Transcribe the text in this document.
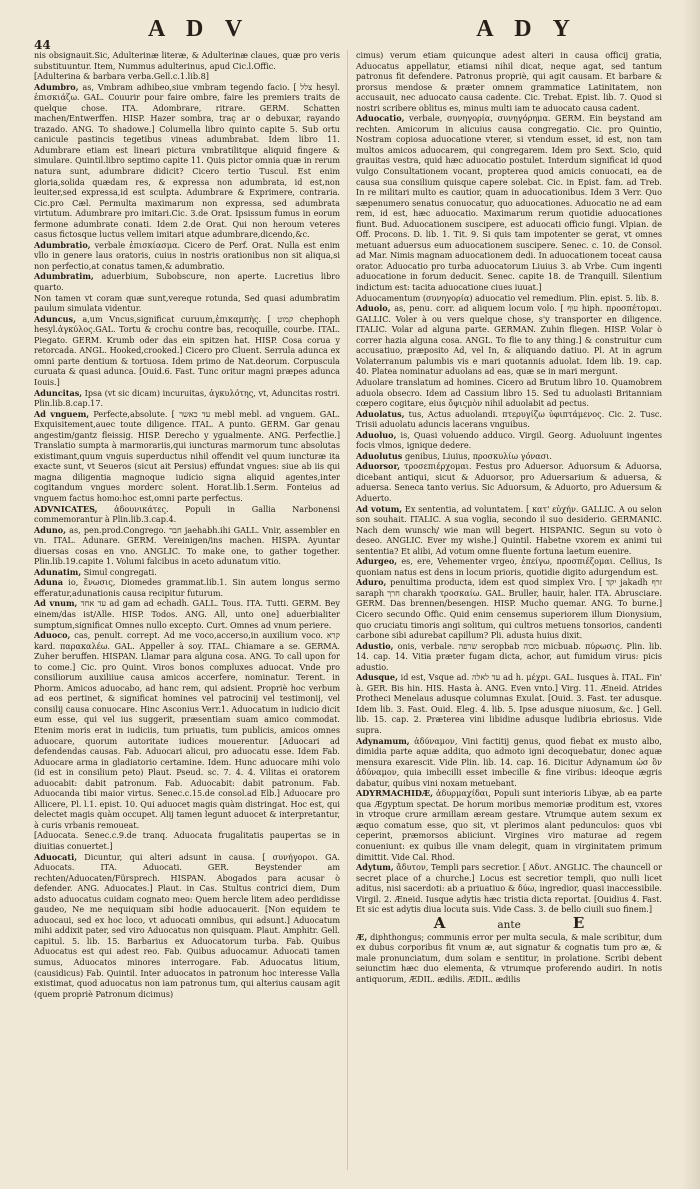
44
A D V	A D Y

nis obsignauit.Sic, Adulterinæ literæ, & Adulterinæ claues, quæ pro veris substituuntur. Item, Nummus adulterinus, apud Cic.l.Offic.

[Adulterina & barbara verba.Gell.c.1.lib.8]

Adumbro, as, Vmbram adhibeo,siue vmbram tegendo facio. [ צלל hesyl. ἐπισκιάζω. GAL. Couurir pour faire ombre, faire les premiers traits de quelque chose. ITA. Adombrare, ritrare. GERM. Schatten machen/Entwerffen. HISP. Hazer sombra, traç ar o debuxar, rayando trazado. ANG. To shadowe.] Columella libro quinto capite 5. Sub ortu canicule pastincis tegetibus vineas adumbrabat. Idem libro 11. Adumbrare etiam est lineari pictura vmbratilitque aliquid fingere & simulare. Quintil.libro septimo capite 11. Quis pictor omnia quæ in rerum natura sunt, adumbrare didicit? Cicero tertio Tuscul. Est enim gloria,solida quædam res, & expressa non adumbrata, id est,non leuiter,sed expressa,id est sculpta. Adumbrare & Exprimere, contraria. Cic.pro Cæl. Permulta maximarum non expressa, sed adumbrata virtutum. Adumbrare pro imitari.Cic. 3.de Orat. Ipsissum fumus in eorum fermone adumbrate conati. Idem 2.de Orat. Qui non heroum veteres casus fictosque luctus vellem imitari atque adumbrare,dicendo,&c.

Adumbratio, verbale ἐπισκίασμα. Cicero de Perf. Orat. Nulla est enim vllo in genere laus oratoris, cuius in nostris orationibus non sit aliqua,si non perfectio,at conatus tamen,& adumbratio.

Adumbratim, aduerbium, Subobscure, non aperte. Lucretius libro quarto.

Non tamen vt coram quæ sunt,vereque rotunda, Sed quasi adumbratim paulum simulata videntur.

Aduncus, a,um Vncus,significat curuum,ἐπικαμπὴς. [ קמוט chephoph hesyl.ἀγκύλος.GAL. Tortu & crochu contre bas, recoquille, courbe. ITAL. Piegato. GERM. Krumb oder das ein spitzen hat. HISP. Cosa corua y retorcada. ANGL. Hooked,crooked.] Cicero pro Cluent. Serrula adunca ex omni parte dentium & tortuosa. Idem primo de Nat.deorum. Corpuscula curuata & quasi adunca. [Ouid.6. Fast. Tunc oritur magni præpes adunca Iouis.]

Aduncitas, Ipsa (vt sic dicam) incuruitas, ἀγκυλότης, vt, Aduncitas rostri. Plin.lib.8.cap.17.

Ad vnguem, Perfecte,absolute. [ עד כאשר mebl mebl. ad vnguem. GAL. Exquisitement,auec toute diligence. ITAL. A punto. GERM. Gar genau angestim/gantz fleissig. HISP. Derecho y ygualmente. ANG. Perfectlie.] Translatio sumpta à marmorariis,qui iuncturas marmorum tunc absolutas existimant,quum vnguis superductus nihil offendit vel quum iuncturæ ita exacte sunt, vt Seueros (sicut ait Persius) effundat vngues: siue ab iis qui magna diligentia magnoque iudicio signa aliquid agentes,inter cogitandum vngues morderc solent. Horat.lib.1.Serm. Fonteius ad vnguem factus homo:hoc est,omni parte perfectus.

ADVNICATES, ἀδουνικάτες. Populi in Gallia Narbonensi commemorantur à Plin.lib.3.cap.4.

Aduno, as, pen.prod.Congrego. חבר jaehabh.ihi GALL. Vnir, assembler en vn. ITAL. Adunare. GERM. Vereinigen/ins machen. HISPA. Ayuntar diuersas cosas en vno. ANGLIC. To make one, to gather together. Plin.lib.19.capite 1. Volumi falcibus in aceto adunatum vitio.

Adunatim, Simul congregati.

Aduna io, ἕνωσις, Diomedes grammat.lib.1. Sin autem longus sermo efferatur,adunationis causa recipitur futurum.

Ad vnum, עד אחד ad gam ad echadh. GALL. Tous. ITA. Tutti. GERM. Bey einem/das ist/Alle. HISP. Todos. ANG. All, unto one] aduerbialiter sumptum,significat Omnes nullo excepto. Curt. Omnes ad vnum periere.

Aduoco, cas, penult. corrept. Ad me voco,accerso,in auxilium voco. קרא kard. παρακαλέω. GAL. Appeller à soy. ITAL. Chiamare a se. GERMA. Zuher beruffen. HISPAN. Llamar para alguna cosa. ANG. To call upon for to come.] Cic. pro Quint. Viros bonos compluxes aduocat. Vnde pro consiliorum auxiliiue causa amicos accerfere, nominatur. Terent. in Phorm. Amicos aduocabo, ad hanc rem, qui adsient. Propriè hoc verbum ad eos pertinet, & significat homines vel patrocinij vel testimonij, vel consilij causa conuocare. Hinc Asconius Verr.1. Aduocatum in iudicio dicit eum esse, qui vel ius suggerit, præsentiam suam amico commodat. Etenim moris erat in iudiciis, tum priuatis, tum publicis, amicos omnes aduocare, quorum autoritate iudices mouerentur. [Aduocari ad defendendas causas. Fab. Aduocari alicui, pro aduocatu esse. Idem Fab. Aduocare arma in gladiatorio certamine. Idem. Hunc aduocare mihi volo (id est in consilium peto) Plaut. Pseud. sc. 7. 4. 4. Vilitas ei oratorem aduocabit: dabit patronum. Fab. Aduocabit: dabit patronum. Fab. Aduocanda tibi maior virtus. Senec.c.15.de consol.ad Elb.] Aduocare pro Allicere, Pl. l.1. epist. 10. Qui aduocet magis quàm distringat. Hoc est, qui delectet magis quàm occupet. Alij tamen legunt aduocet & interpretantur, à curis vrbanis remoueat.

[Aduocata. Senec.c.9.de tranq. Aduocata frugalitatis paupertas se in diuitias conuertet.]

Aduocati, Dicuntur, qui alteri adsunt in causa. [ συνήγοροι. GA. Aduocats. ITA. Aduocati. GER. Beystender am rechten/Aduocaten/Fürsprech. HISPAN. Abogados para acusar ò defender. ANG. Aduocates.] Plaut. in Cas. Stultus contrici diem, Dum adsto aduocatus cuidam cognato meo: Quem hercle litem adeo perdidisse gaudeo, Ne me nequiquam sibi hodie aduocauerit. [Non equidem te aduocaui, sed ex hoc loco, vt aduocati omnibus, qui adsunt.] Aduocatum mihi addixit pater, sed viro Aduocatus non quisquam. Plaut. Amphitr. Gell. capitul. 5. lib. 15. Barbarius ex Aduocatorum turba. Fab. Quibus Aduocatus est qui adest reo. Fab. Quibus aduocamur. Aduocati tamen sumus, Aduocatos minores interrogare. Fab. Aduocatus litium, (causidicus) Fab. Quintil. Inter aduocatos in patronum hoc interesse Valla existimat, quod aduocatus non iam patronus tum, qui alterius causam agit (quem propriè Patronum dicimus)

cimus) verum etiam quicunque adest alteri in causa officij gratia, Aduocatus appellatur, etiamsi nihil dicat, neque agat, sed tantum patronus fit defendere. Patronus propriè, qui agit causam. Et barbare & prorsus mendose & præter omnem grammatice Latinitatem, non accusauit, nec aduocato causa cadente. Cic. Trebat. Epist. lib. 7. Quod si nostri scribere oblitus es, minus multi iam te aduocato causa cadent.

Aduocatio, verbale, συνηγορία, συνηγόρημα. GERM. Ein beystand am rechten. Amicorum in alicuius causa congregatio. Cic. pro Quintio, Nostram copiosa aduocatione vterer, si vtendum esset, id est, non tam multos amicos aduocarem, qui congregarem. Idem pro Sext. Scio, quid grauitas vestra, quid hæc aduocatio postulet. Interdum significat id quod vulgo Consultationem vocant, propterea quod amicis conuocati, ea de causa sua consilium quisque capere solebat. Cic. in Epist. fam. ad Treb. In re militari multo es cautior, quam in aduocationibus. Idem 3 Verr. Quo sæpenumero senatus conuocatur, quo aduocationes. Aduocatio ne ad eam rem, id est, hæc aduocatio. Maximarum rerum quotidie aduocationes fiunt. Bud. Aduocationem suscipere, est aduocati officio fungi. Vlpian. de Off. Procons. D. lib. 1. Tit. 9. Si quis tam impotenter se gerat, vt omnes metuant aduersus eum aduocationem suscipere. Senec. c. 10. de Consol. ad Mar. Nimis magnam aduocationem dedi. In aduocationem toceat causa orator. Aduocatio pro turba aduocatorum Liuius 3. ab Vrbe. Cum ingenti aduocatione in forum deducit. Senec. capite 18. de Tranquill. Silentium indictum est: tacita aduocatione ciues iuuat.]

Aduocamentum (συνηγορία) aduocatio vel remedium. Plin. epist. 5. lib. 8.

Aduolo, as, penu. corr. ad aliquem locum volo. [ עוף hiph. προσπέτομαι. GALLIC. Voler à ou vers quelque chose, s'y transporter en diligence. ITALIC. Volar ad alguna parte. GERMAN. Zuhin fliegen. HISP. Volar ò correr hazia alguna cosa. ANGL. To flie to any thing.] & construitur cum accusatiuo, præposito Ad, vel In, & aliquando datiuo. Pl. At in agrum Volaterranum palumbis vis e mari quotannis aduolat. Idem lib. 19. cap. 40. Platea nominatur aduolans ad eas, quæ se in mari mergunt.

Aduolare translatum ad homines. Cicero ad Brutum libro 10. Quamobrem aduola obsecro. Idem ad Cassium libro 15. Sed tu aduolasti Britanniam cœpero cogitare, eius ὄψιςμὸν nihil aduolabit ad pectus.

Aduolatus, tus, Actus aduolandi. πτερυγίζω ὑφιπτάμενος. Cic. 2. Tusc. Trisii aduolatu aduncis lacerans vnguibus.

Aduoluo, is, Quasi voluendo adduco. Virgil. Georg. Aduoluunt ingentes focis vlmos, ignique dedere.

Aduolutus genibus, Liuius, προσκυλίω γόνασι.

Aduorsor, τροσεπιέρχομαι. Festus pro Aduersor. Aduorsum & Aduorsa, dicebant antiqui, sicut & Aduorsor, pro Aduersarium & aduersa, & aduersa. Seneca tanto verius. Sic Aduorsum, & Aduorto, pro Aduersum & Aduerto.

Ad votum, Ex sententia, ad voluntatem. [ κατ' εὐχήν. GALLIC. A ou selon son souhait. ITALIC. A sua voglia, secondo il suo desiderio. GERMANIC. Nach dem wunsch/ wie man will begert. HISPANIC. Segun su voto ò deseo. ANGLIC. Ever my wishe.] Quintil. Habetne vxorem ex animi tui sententia? Et alibi, Ad votum omne fluente fortuna laetum euenire.

Adurgeo, es, ere, Vehementer vrgeo, ἐπείγω, προσπιέζομαι. Cellius, Is quoniam natus est dens in locum prioris, quotidie digito adurgendum est.

Aduro, penultima producta, idem est quod simplex Vro. [ יקד jakadh זרף saraph חרך charakh τροσκαίω. GAL. Bruller, hauir, haler. ITA. Abrusciare. GERM. Das brennen/besengen. HISP. Mucho quemar. ANG. To burne.] Cicero secundo Offic. Quid enim censemus superiorem illum Dionysium, quo cruciatu timoris angi solitum, qui cultros metuens tonsorios, candenti carbone sibi adurebat capillum? Pli. adusta huius dixit.

Adustio, onis, verbale. שרפה seropbab מכוה micbuab. πύρωσις. Plin. lib. 14. cap. 14. Vitia præter fugam dicta, achor, aut fumidum virus: picis adustio.

Adusque, id est, Vsque ad. עד לאלה ad h. μέχρι. GAL. Iusques à. ITAL. Fin' à. GER. Bis hin. HIS. Hasta à. ANG. Even vnto.] Virg. 11. Æneid. Atrides Protheci Menelaus adusque columnas Exulat. [Ouid. 3. Fast. ter adusque. Idem lib. 3. Fast. Ouid. Eleg. 4. lib. 5. Ipse adusque niuosum, &c. ] Gell. lib. 15. cap. 2. Præterea vini libidine adusque ludibria ebriosus. Vide supra.

Adynamum, ἀδύναμον, Vini factitij genus, quod fiebat ex musto albo, dimidia parte aquæ addita, quo admoto igni decoquebatur, donec aquæ mensura exarescit. Vide Plin. lib. 14. cap. 16. Dicitur Adynamum ὡσ ὂν ἀδύναμον, quia imbecilli esset imbecille & fine viribus: ideoque ægris dabatur, quibus vini noxam metuebant.

ADYRMACHIDÆ, ἀδυρμαχίδαι, Populi sunt interioris Libyæ, ab ea parte qua Ægyptum spectat. De horum moribus memoriæ proditum est, vxores in vtroque crure armillam æream gestare. Vtrumque autem sexum ex æquo comatum esse, quo sit, vt plerimos alant pedunculos: quos vbi ceperint, præmorsos abiiciunt. Virgines viro maturae ad regem conueniunt: ex quibus ille vnam delegit, quam in virginitatem primum dimittit. Vide Cal. Rhod.

Adytum, ἄδυτον, Templi pars secretior. [ Aδυτ. ANGLIC. The chauncell or secret place of a churche.] Locus est secretior templi, quo nulli licet aditus, nisi sacerdoti: ab a priuatiuo & δύω, ingredior, quasi inaccessibile. Virgil. 2. Æneid. Iusque adytis hæc tristia dicta reportat. [Ouidius 4. Fast. Et sic est adytis diua locuta suis. Vide Cass. 3. de bello ciuili suo finem.]

A	ante	E

Æ, diphthongus; communis error per multa secula, & male scribitur, dum ex dubus corporibus fit vnum æ, aut signatur & cognatis tum pro æ, & male pronunciatum, dum solam e sentitur, in prolatione. Scribi debent seiunctim hæc duo elementa, & vtrumque proferendo audiri. In notis antiquorum, ÆDIL. ædilis. ÆDIL. ædilis
